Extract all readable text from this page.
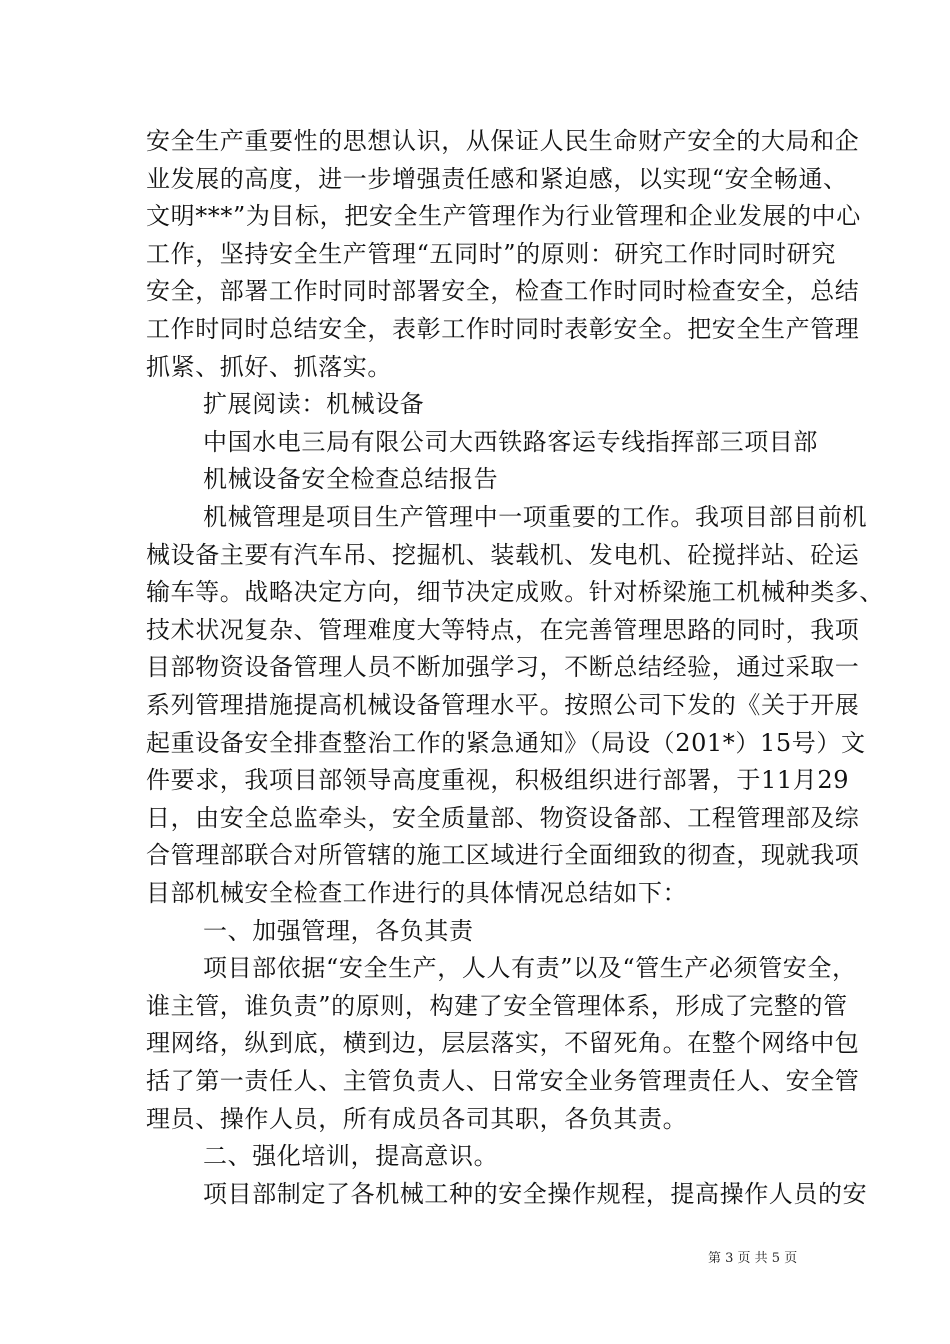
安全生产重要性的思想认识，从保证人民生命财产安全的大局和企
业发展的高度，进一步增强责任感和紧迫感，以实现“安全畅通、
文明***”为目标，把安全生产管理作为行业管理和企业发展的中心
工作，坚持安全生产管理“五同时”的原则：研究工作时同时研究
安全，部署工作时同时部署安全，检查工作时同时检查安全，总结
工作时同时总结安全，表彰工作时同时表彰安全。把安全生产管理
抓紧、抓好、抓落实。
扩展阅读：机械设备
中国水电三局有限公司大西铁路客运专线指挥部三项目部
机械设备安全检查总结报告
机械管理是项目生产管理中一项重要的工作。我项目部目前机
械设备主要有汽车吊、挖掘机、装载机、发电机、砼搅拌站、砼运
输车等。战略决定方向，细节决定成败。针对桥梁施工机械种类多、
技术状况复杂、管理难度大等特点，在完善管理思路的同时，我项
目部物资设备管理人员不断加强学习，不断总结经验，通过采取一
系列管理措施提高机械设备管理水平。按照公司下发的《关于开展
起重设备安全排查整治工作的紧急通知》（局设（201*）15号）文
件要求，我项目部领导高度重视，积极组织进行部署，于11月29
日，由安全总监牵头，安全质量部、物资设备部、工程管理部及综
合管理部联合对所管辖的施工区域进行全面细致的彻查，现就我项
目部机械安全检查工作进行的具体情况总结如下：
一、加强管理，各负其责
项目部依据“安全生产，人人有责”以及“管生产必须管安全，
谁主管，谁负责”的原则，构建了安全管理体系，形成了完整的管
理网络，纵到底，横到边，层层落实，不留死角。在整个网络中包
括了第一责任人、主管负责人、日常安全业务管理责任人、安全管
理员、操作人员，所有成员各司其职，各负其责。
二、强化培训，提高意识。
项目部制定了各机械工种的安全操作规程，提高操作人员的安
第 3 页 共 5 页
